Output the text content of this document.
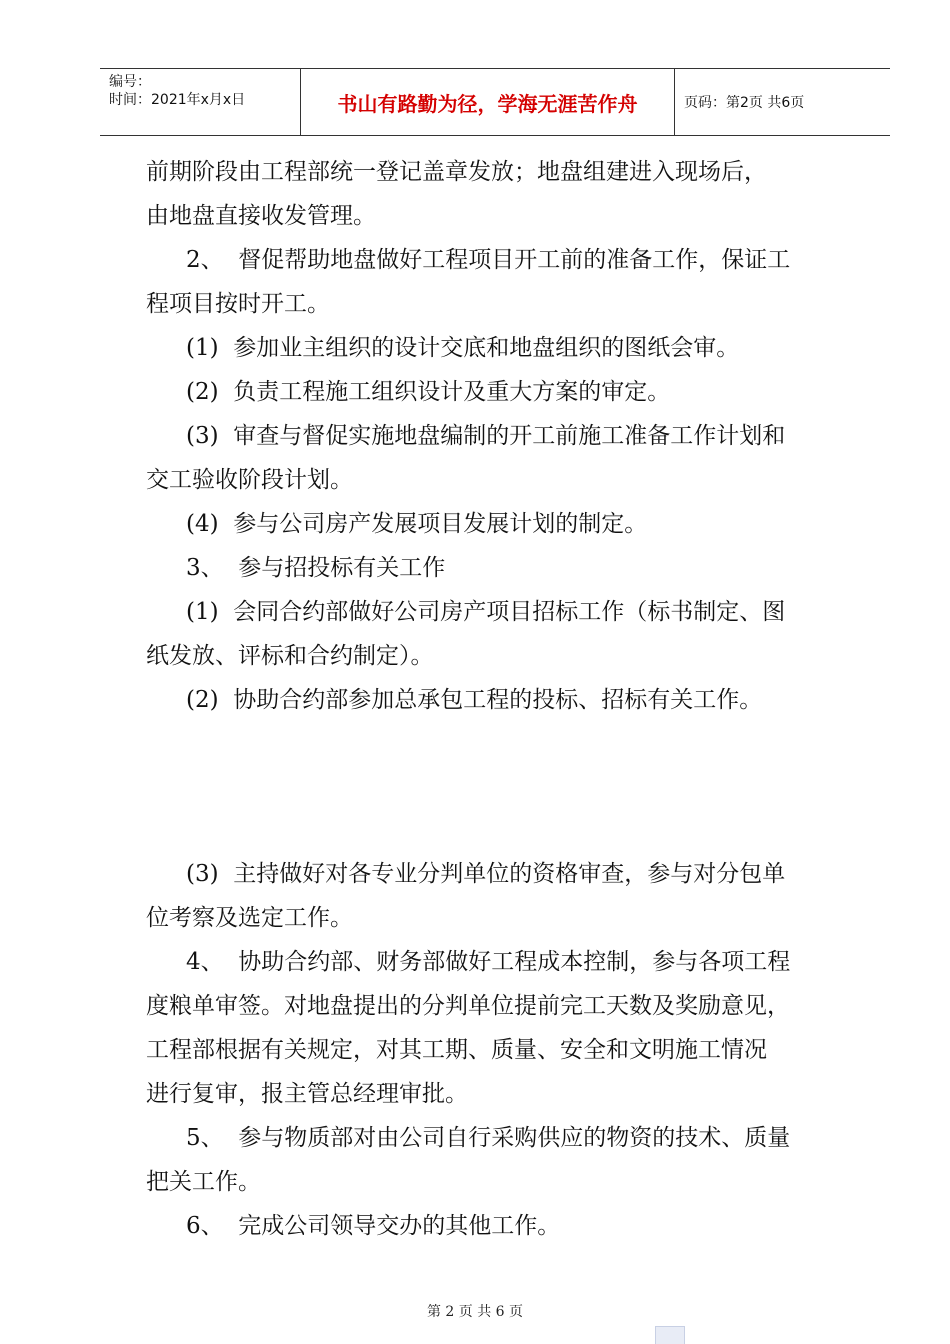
编号：
时间：2021年x月x日	书山有路勤为径，学海无涯苦作舟	页码：第2页 共6页

前期阶段由工程部统一登记盖章发放；地盘组建进入现场后，

由地盘直接收发管理。

2、 督促帮助地盘做好工程项目开工前的准备工作，保证工

程项目按时开工。

(1) 参加业主组织的设计交底和地盘组织的图纸会审。

(2) 负责工程施工组织设计及重大方案的审定。

(3) 审查与督促实施地盘编制的开工前施工准备工作计划和

交工验收阶段计划。

(4) 参与公司房产发展项目发展计划的制定。

3、 参与招投标有关工作

(1) 会同合约部做好公司房产项目招标工作（标书制定、图

纸发放、评标和合约制定）。

(2) 协助合约部参加总承包工程的投标、招标有关工作。

(3) 主持做好对各专业分判单位的资格审查，参与对分包单

位考察及选定工作。

4、 协助合约部、财务部做好工程成本控制，参与各项工程

度粮单审签。对地盘提出的分判单位提前完工天数及奖励意见，

工程部根据有关规定，对其工期、质量、安全和文明施工情况

进行复审，报主管总经理审批。

5、 参与物质部对由公司自行采购供应的物资的技术、质量

把关工作。

6、 完成公司领导交办的其他工作。

第 2 页 共 6 页
